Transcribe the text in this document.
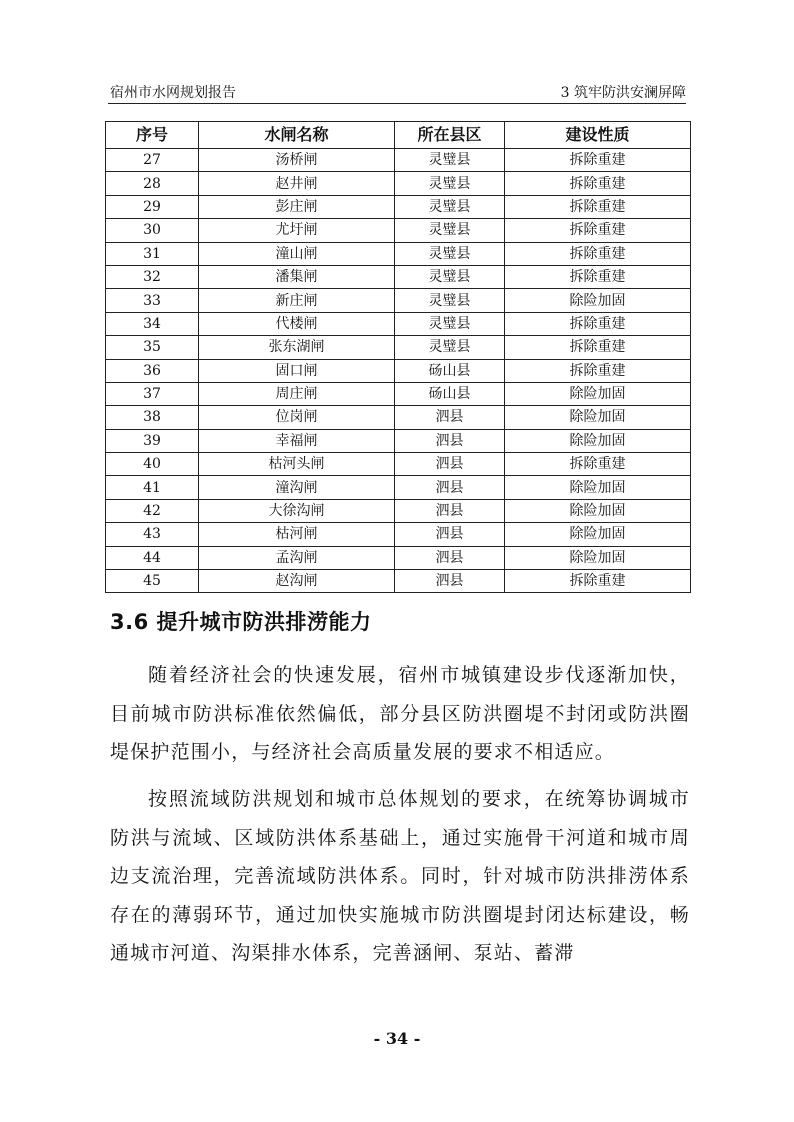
宿州市水网规划报告	3 筑牢防洪安澜屏障
序号	水闸名称	所在县区	建设性质
27	汤桥闸	灵璧县	拆除重建
28	赵井闸	灵璧县	拆除重建
29	彭庄闸	灵璧县	拆除重建
30	尤圩闸	灵璧县	拆除重建
31	潼山闸	灵璧县	拆除重建
32	潘集闸	灵璧县	拆除重建
33	新庄闸	灵璧县	除险加固
34	代楼闸	灵璧县	拆除重建
35	张东湖闸	灵璧县	拆除重建
36	固口闸	砀山县	拆除重建
37	周庄闸	砀山县	除险加固
38	位岗闸	泗县	除险加固
39	幸福闸	泗县	除险加固
40	枯河头闸	泗县	拆除重建
41	潼沟闸	泗县	除险加固
42	大徐沟闸	泗县	除险加固
43	枯河闸	泗县	除险加固
44	孟沟闸	泗县	除险加固
45	赵沟闸	泗县	拆除重建
3.6 提升城市防洪排涝能力

随着经济社会的快速发展，宿州市城镇建设步伐逐渐加快，目前城市防洪标准依然偏低，部分县区防洪圈堤不封闭或防洪圈堤保护范围小，与经济社会高质量发展的要求不相适应。

按照流域防洪规划和城市总体规划的要求，在统筹协调城市防洪与流域、区域防洪体系基础上，通过实施骨干河道和城市周边支流治理，完善流域防洪体系。同时，针对城市防洪排涝体系存在的薄弱环节，通过加快实施城市防洪圈堤封闭达标建设，畅通城市河道、沟渠排水体系，完善涵闸、泵站、蓄滞

- 34 -
